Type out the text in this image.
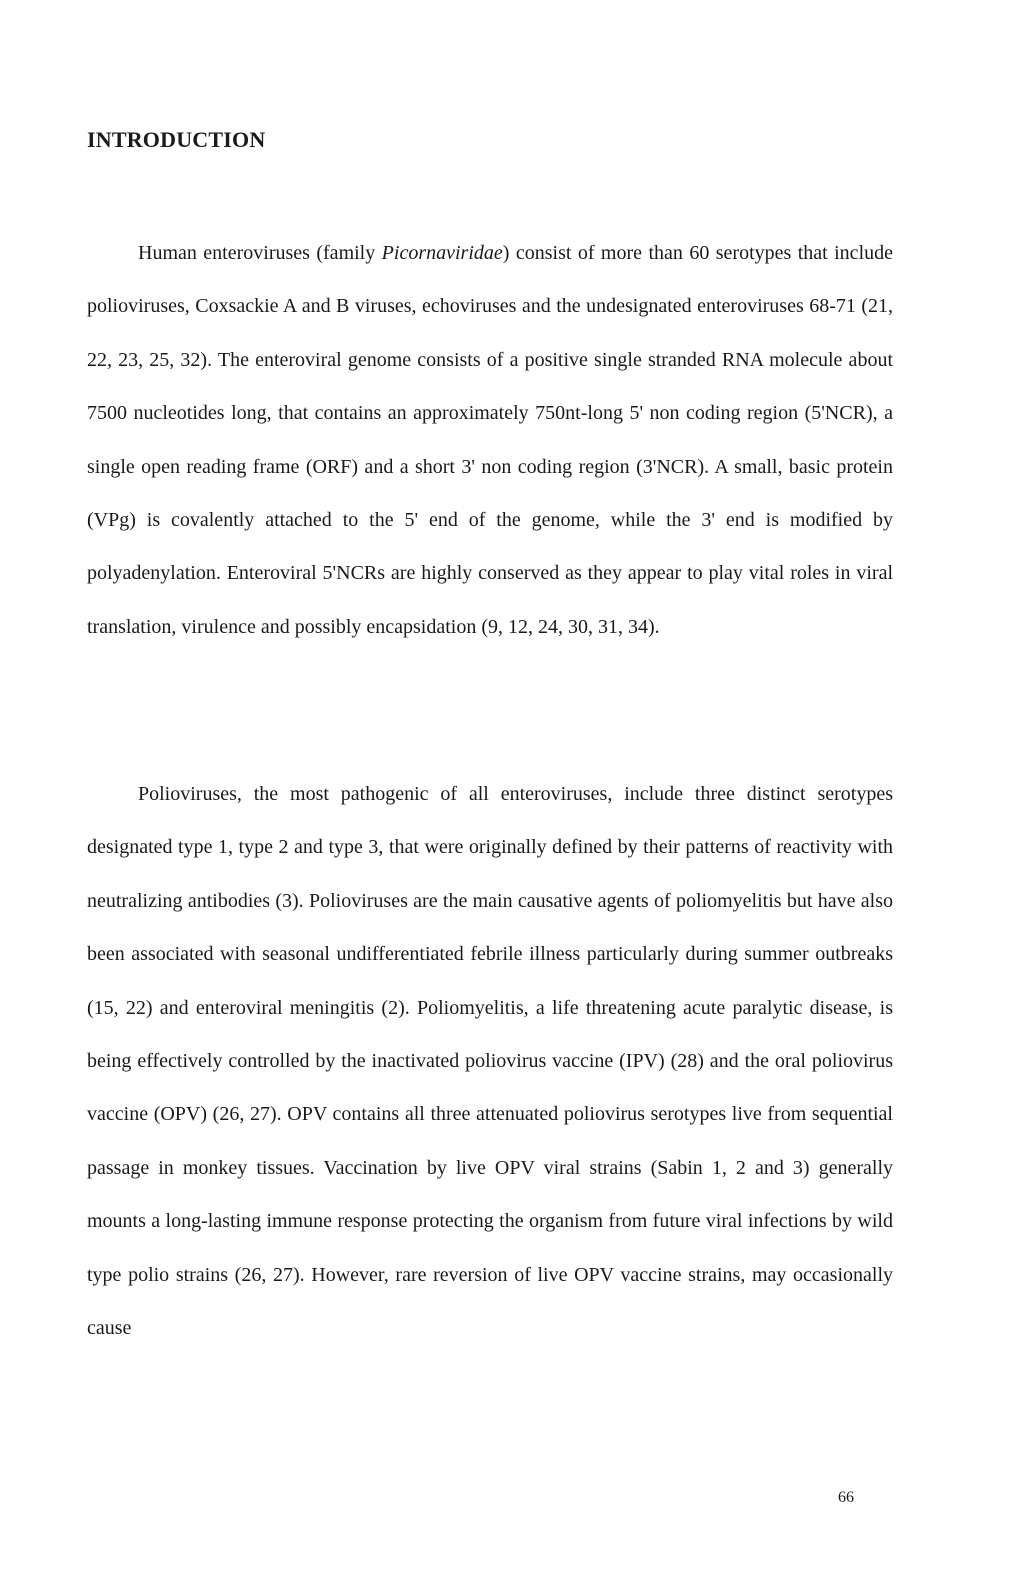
INTRODUCTION

Human enteroviruses (family Picornaviridae) consist of more than 60 serotypes that include polioviruses, Coxsackie A and B viruses, echoviruses and the undesignated enteroviruses 68-71 (21, 22, 23, 25, 32). The enteroviral genome consists of a positive single stranded RNA molecule about 7500 nucleotides long, that contains an approximately 750nt-long 5' non coding region (5'NCR), a single open reading frame (ORF) and a short 3' non coding region (3'NCR). A small, basic protein (VPg) is covalently attached to the 5' end of the genome, while the 3' end is modified by polyadenylation. Enteroviral 5'NCRs are highly conserved as they appear to play vital roles in viral translation, virulence and possibly encapsidation (9, 12, 24, 30, 31, 34).

Polioviruses, the most pathogenic of all enteroviruses, include three distinct serotypes designated type 1, type 2 and type 3, that were originally defined by their patterns of reactivity with neutralizing antibodies (3). Polioviruses are the main causative agents of poliomyelitis but have also been associated with seasonal undifferentiated febrile illness particularly during summer outbreaks (15, 22) and enteroviral meningitis (2). Poliomyelitis, a life threatening acute paralytic disease, is being effectively controlled by the inactivated poliovirus vaccine (IPV) (28) and the oral poliovirus vaccine (OPV) (26, 27). OPV contains all three attenuated poliovirus serotypes live from sequential passage in monkey tissues. Vaccination by live OPV viral strains (Sabin 1, 2 and 3) generally mounts a long-lasting immune response protecting the organism from future viral infections by wild type polio strains (26, 27). However, rare reversion of live OPV vaccine strains, may occasionally cause

66
